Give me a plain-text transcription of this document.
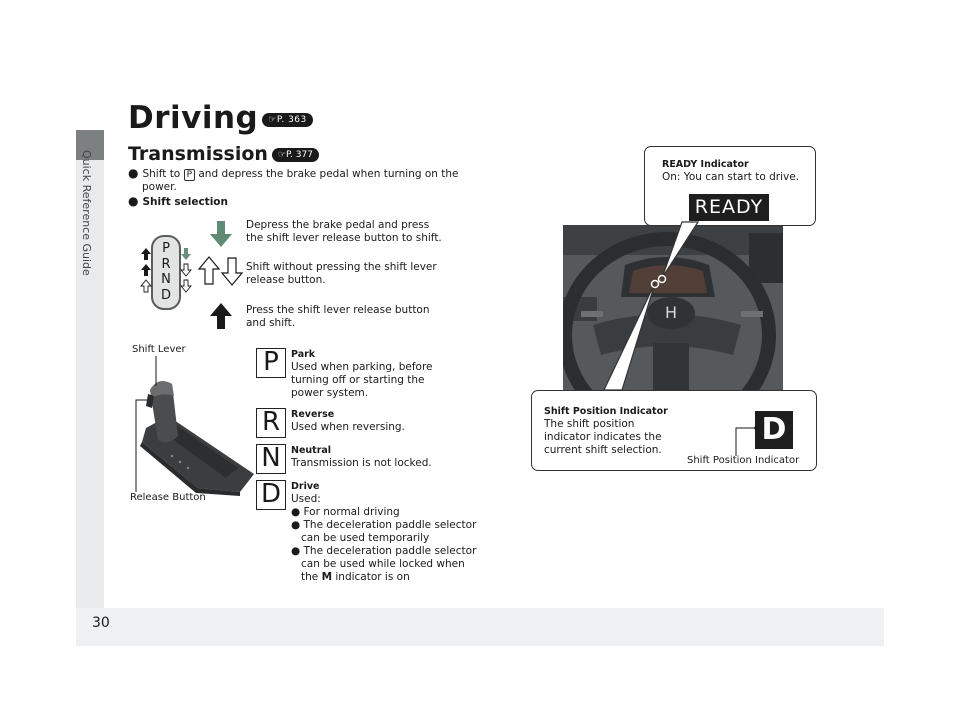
Quick Reference Guide
30
Driving ☞P. 363
Transmission ☞P. 377
● Shift to P and depress the brake pedal when turning on the
power.
● Shift selection
P
R
N
D
Depress the brake pedal and press
the shift lever release button to shift.
Shift without pressing the shift lever
release button.
Press the shift lever release button
and shift.
Shift Lever
Release Button
P	Park
Used when parking, before
turning off or starting the
power system.
R	Reverse
Used when reversing.
N	Neutral
Transmission is not locked.
D	Drive
Used:
● For normal driving
● The deceleration paddle selector
can be used temporarily
● The deceleration paddle selector
can be used while locked when
the M indicator is on
H
READY Indicator
On: You can start to drive.
READY
Shift Position Indicator
The shift position
indicator indicates the
current shift selection.
Shift Position Indicator
D
